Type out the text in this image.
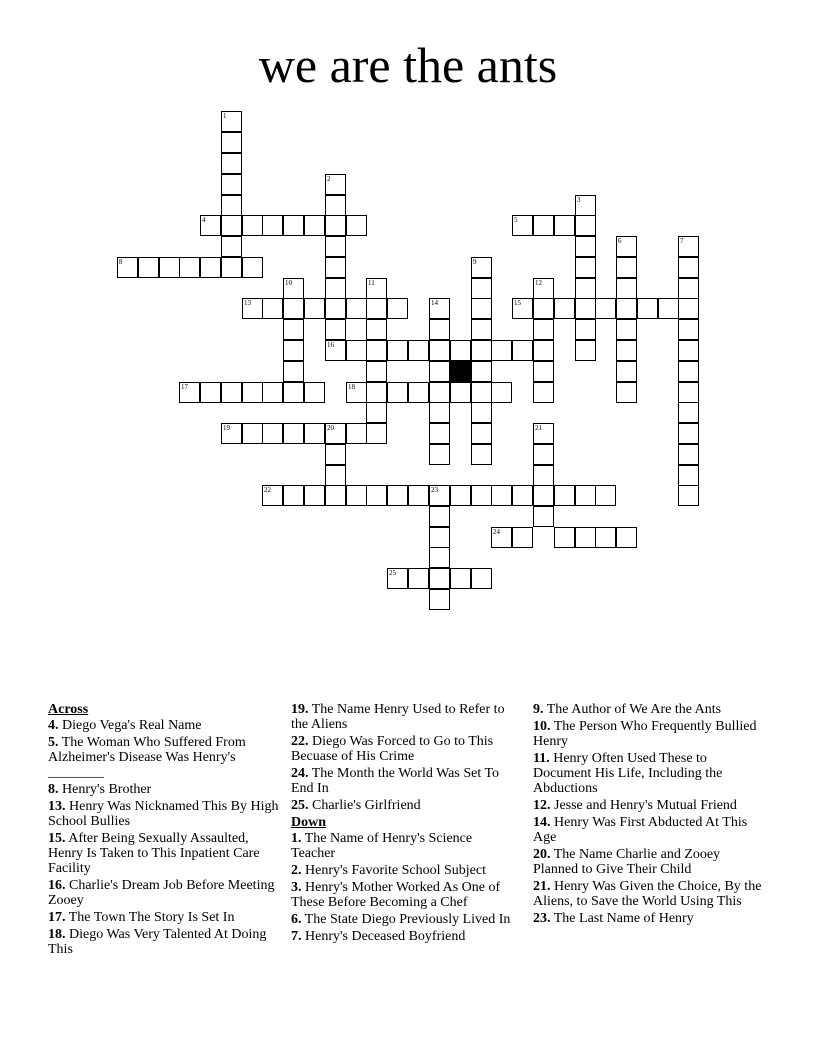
we are the ants
1
2
4	5
3
6	7
8	9
10	11	12
13	14	15
16
17	18
19	20	21
22	23
24
25
Across
4. Diego Vega's Real Name
5. The Woman Who Suffered From Alzheimer's Disease Was Henry's ________
8. Henry's Brother
13. Henry Was Nicknamed This By High School Bullies
15. After Being Sexually Assaulted, Henry Is Taken to This Inpatient Care Facility
16. Charlie's Dream Job Before Meeting Zooey
17. The Town The Story Is Set In
18. Diego Was Very Talented At Doing This
19. The Name Henry Used to Refer to the Aliens
22. Diego Was Forced to Go to This Becuase of His Crime
24. The Month the World Was Set To End In
25. Charlie's Girlfriend
Down
1. The Name of Henry's Science Teacher
2. Henry's Favorite School Subject
3. Henry's Mother Worked As One of These Before Becoming a Chef
6. The State Diego Previously Lived In
7. Henry's Deceased Boyfriend
9. The Author of We Are the Ants
10. The Person Who Frequently Bullied Henry
11. Henry Often Used These to Document His Life, Including the Abductions
12. Jesse and Henry's Mutual Friend
14. Henry Was First Abducted At This Age
20. The Name Charlie and Zooey Planned to Give Their Child
21. Henry Was Given the Choice, By the Aliens, to Save the World Using This
23. The Last Name of Henry
